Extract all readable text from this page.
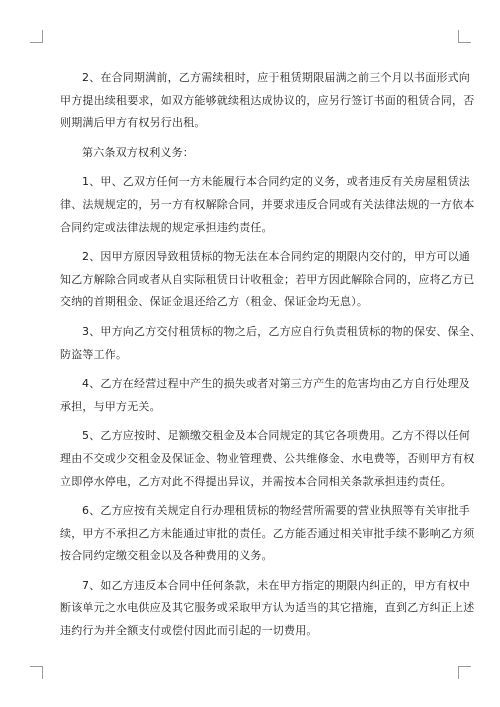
2、在合同期满前，乙方需续租时，应于租赁期限届满之前三个月以书面形式向
甲方提出续租要求，如双方能够就续租达成协议的，应另行签订书面的租赁合同，否
则期满后甲方有权另行出租。

第六条双方权利义务：

1、甲、乙双方任何一方未能履行本合同约定的义务，或者违反有关房屋租赁法
律、法规规定的，另一方有权解除合同，并要求违反合同或有关法律法规的一方依本
合同约定或法律法规的规定承担违约责任。

2、因甲方原因导致租赁标的物无法在本合同约定的期限内交付的，甲方可以通
知乙方解除合同或者从自实际租赁日计收租金；若甲方因此解除合同的，应将乙方已
交纳的首期租金、保证金退还给乙方（租金、保证金均无息）。

3、甲方向乙方交付租赁标的物之后，乙方应自行负责租赁标的物的保安、保全、
防盗等工作。

4、乙方在经营过程中产生的损失或者对第三方产生的危害均由乙方自行处理及
承担，与甲方无关。

5、乙方应按时、足额缴交租金及本合同规定的其它各项费用。乙方不得以任何
理由不交或少交租金及保证金、物业管理费、公共维修金、水电费等，否则甲方有权
立即停水停电，乙方对此不得提出异议，并需按本合同相关条款承担违约责任。

6、乙方应按有关规定自行办理租赁标的物经营所需要的营业执照等有关审批手
续，甲方不承担乙方未能通过审批的责任。乙方能否通过相关审批手续不影响乙方须
按合同约定缴交租金以及各种费用的义务。

7、如乙方违反本合同中任何条款，未在甲方指定的期限内纠正的，甲方有权中
断该单元之水电供应及其它服务或采取甲方认为适当的其它措施，直到乙方纠正上述
违约行为并全额支付或偿付因此而引起的一切费用。
